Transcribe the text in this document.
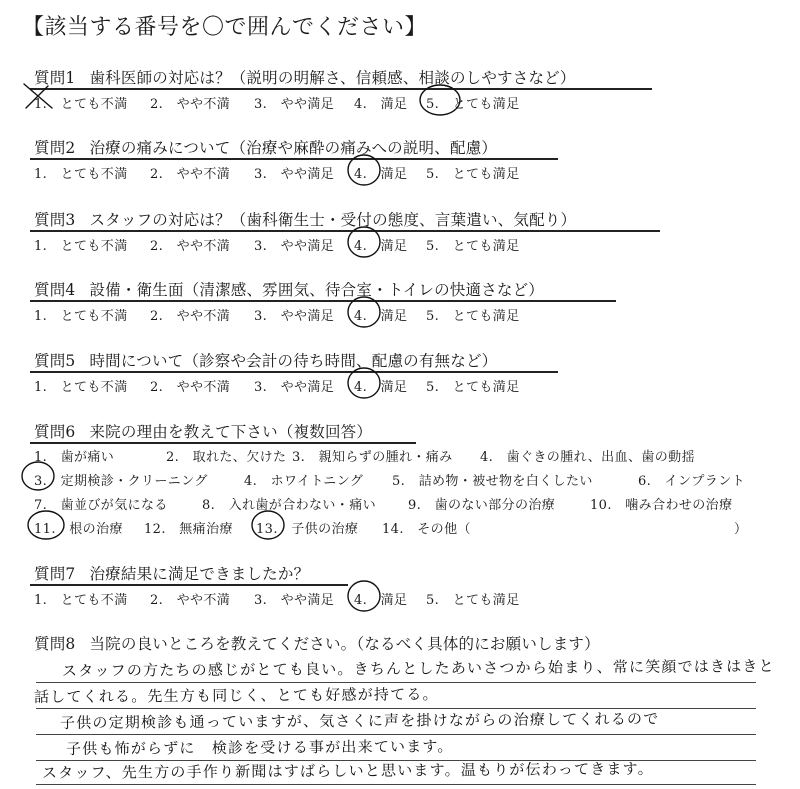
【該当する番号を〇で囲んでください】
質問1 歯科医師の対応は？（説明の明解さ、信頼感、相談のしやすさなど）
1.　とても不満 2.　やや不満 3.　やや満足 4.　満足 5.　とても満足
質問2 治療の痛みについて（治療や麻酔の痛みへの説明、配慮）
1.　とても不満 2.　やや不満 3.　やや満足 4.　満足 5.　とても満足
質問3 スタッフの対応は？（歯科衛生士・受付の態度、言葉遣い、気配り）
1.　とても不満 2.　やや不満 3.　やや満足 4.　満足 5.　とても満足
質問4 設備・衛生面（清潔感、雰囲気、待合室・トイレの快適さなど）
1.　とても不満 2.　やや不満 3.　やや満足 4.　満足 5.　とても満足
質問5 時間について（診察や会計の待ち時間、配慮の有無など）
1.　とても不満 2.　やや不満 3.　やや満足 4.　満足 5.　とても満足
質問6 来院の理由を教えて下さい（複数回答）
1.　歯が痛い	2.　取れた、欠けた 3.　親知らずの腫れ・痛み 4.　歯ぐきの腫れ、出血、歯の動揺
3.　定期検診・クリーニング	4.　ホワイトニング 5.　詰め物・被せ物を白くしたい	6.　インプラント
7.　歯並びが気になる	8.　入れ歯が合わない・痛い 9.　歯のない部分の治療	10.　噛み合わせの治療
11.　根の治療 12.　無痛治療 13.　子供の治療 14.　その他（	）
質問7 治療結果に満足できましたか？
1.　とても不満 2.　やや不満 3.　やや満足 4.　満足 5.　とても満足
質問8 当院の良いところを教えてください。（なるべく具体的にお願いします）
スタッフの方たちの感じがとても良い。きちんとしたあいさつから始まり、常に笑顔ではきはきと
話してくれる。先生方も同じく、とても好感が持てる。
子供の定期検診も通っていますが、気さくに声を掛けながらの治療してくれるので
子供も怖がらずに　検診を受ける事が出来ています。
スタッフ、先生方の手作り新聞はすばらしいと思います。温もりが伝わってきます。
